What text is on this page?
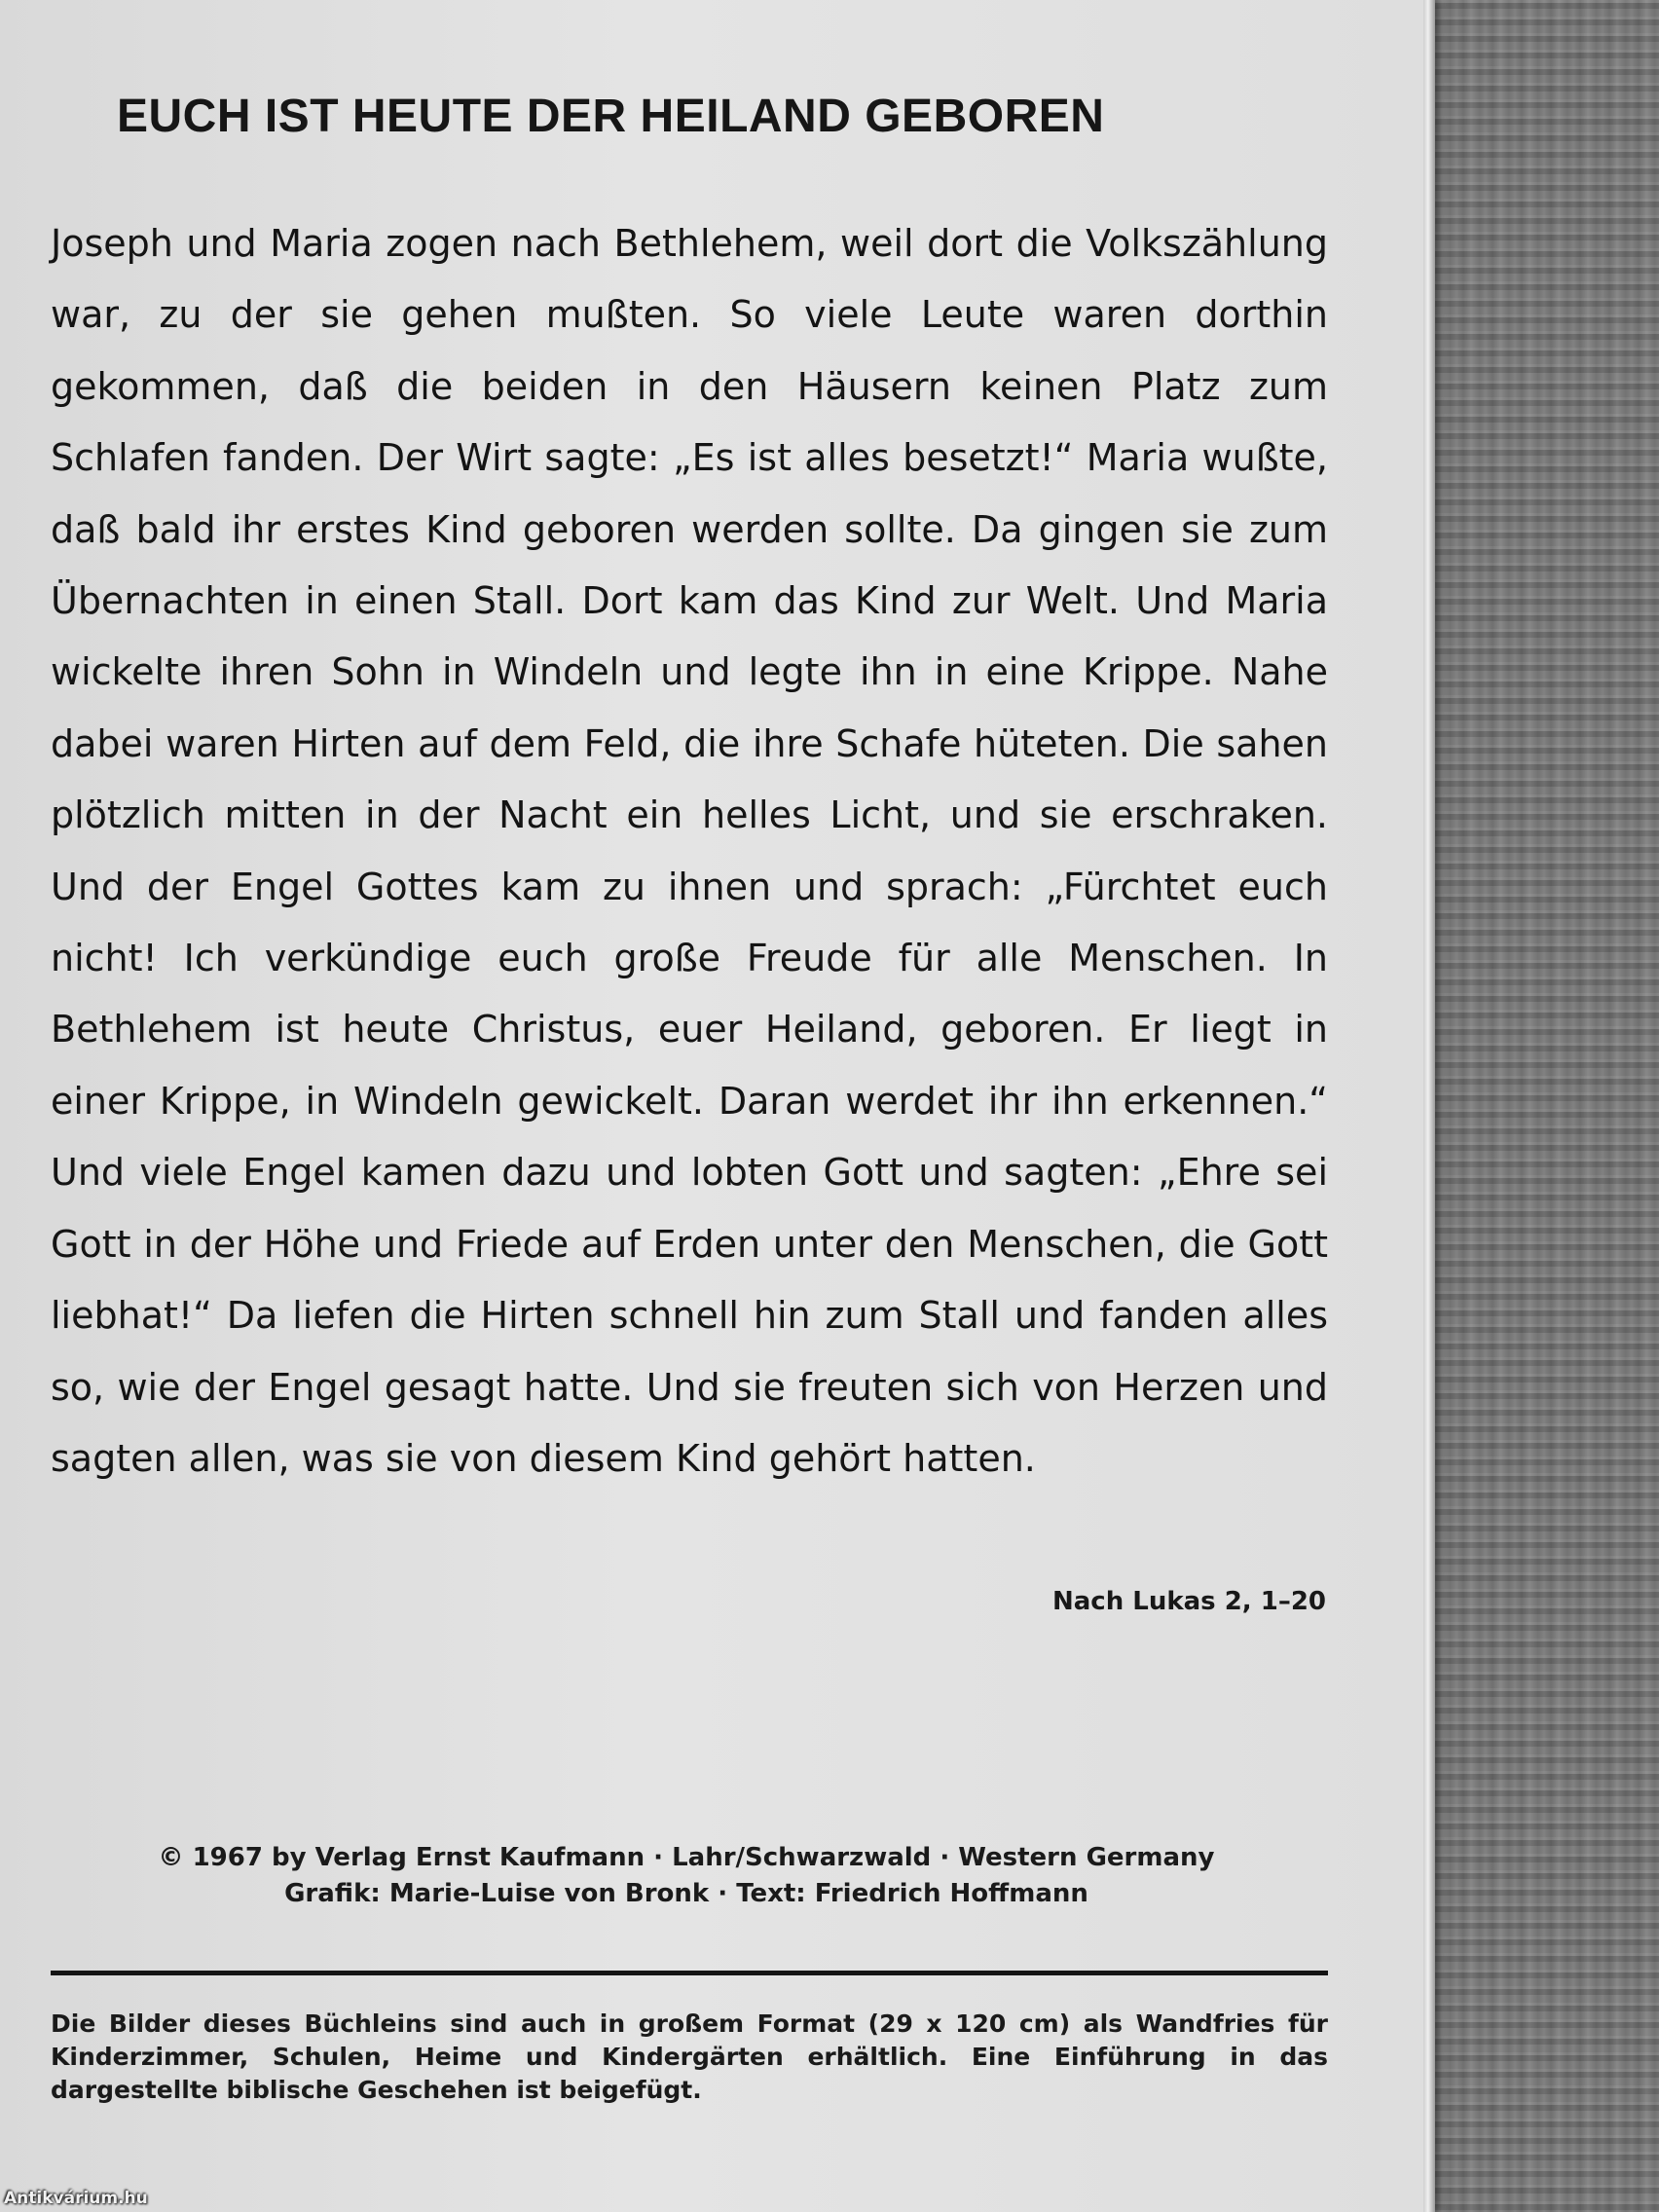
EUCH IST HEUTE DER HEILAND GEBOREN

Joseph und Maria zogen nach Bethlehem, weil dort die Volkszählung war, zu der sie gehen mußten. So viele Leute waren dorthin gekommen, daß die beiden in den Häusern keinen Platz zum Schlafen fanden. Der Wirt sagte: „Es ist alles besetzt!“ Maria wußte, daß bald ihr erstes Kind geboren werden sollte. Da gingen sie zum Übernachten in einen Stall. Dort kam das Kind zur Welt. Und Maria wickelte ihren Sohn in Windeln und legte ihn in eine Krippe. Nahe dabei waren Hirten auf dem Feld, die ihre Schafe hüteten. Die sahen plötzlich mitten in der Nacht ein helles Licht, und sie erschraken. Und der Engel Gottes kam zu ihnen und sprach: „Fürchtet euch nicht! Ich verkündige euch große Freude für alle Menschen. In Bethlehem ist heute Christus, euer Heiland, geboren. Er liegt in einer Krippe, in Windeln gewickelt. Daran werdet ihr ihn erkennen.“ Und viele Engel kamen dazu und lobten Gott und sagten: „Ehre sei Gott in der Höhe und Friede auf Erden unter den Menschen, die Gott liebhat!“ Da liefen die Hirten schnell hin zum Stall und fanden alles so, wie der Engel gesagt hatte. Und sie freuten sich von Herzen und sagten allen, was sie von diesem Kind gehört hatten.

Nach Lukas 2, 1–20

© 1967 by Verlag Ernst Kaufmann · Lahr/Schwarzwald · Western Germany
Grafik: Marie-Luise von Bronk · Text: Friedrich Hoffmann

Die Bilder dieses Büchleins sind auch in großem Format (29 x 120 cm) als Wandfries für Kinderzimmer, Schulen, Heime und Kindergärten erhältlich. Eine Einführung in das dargestellte biblische Geschehen ist beigefügt.

Antikvárium.hu
